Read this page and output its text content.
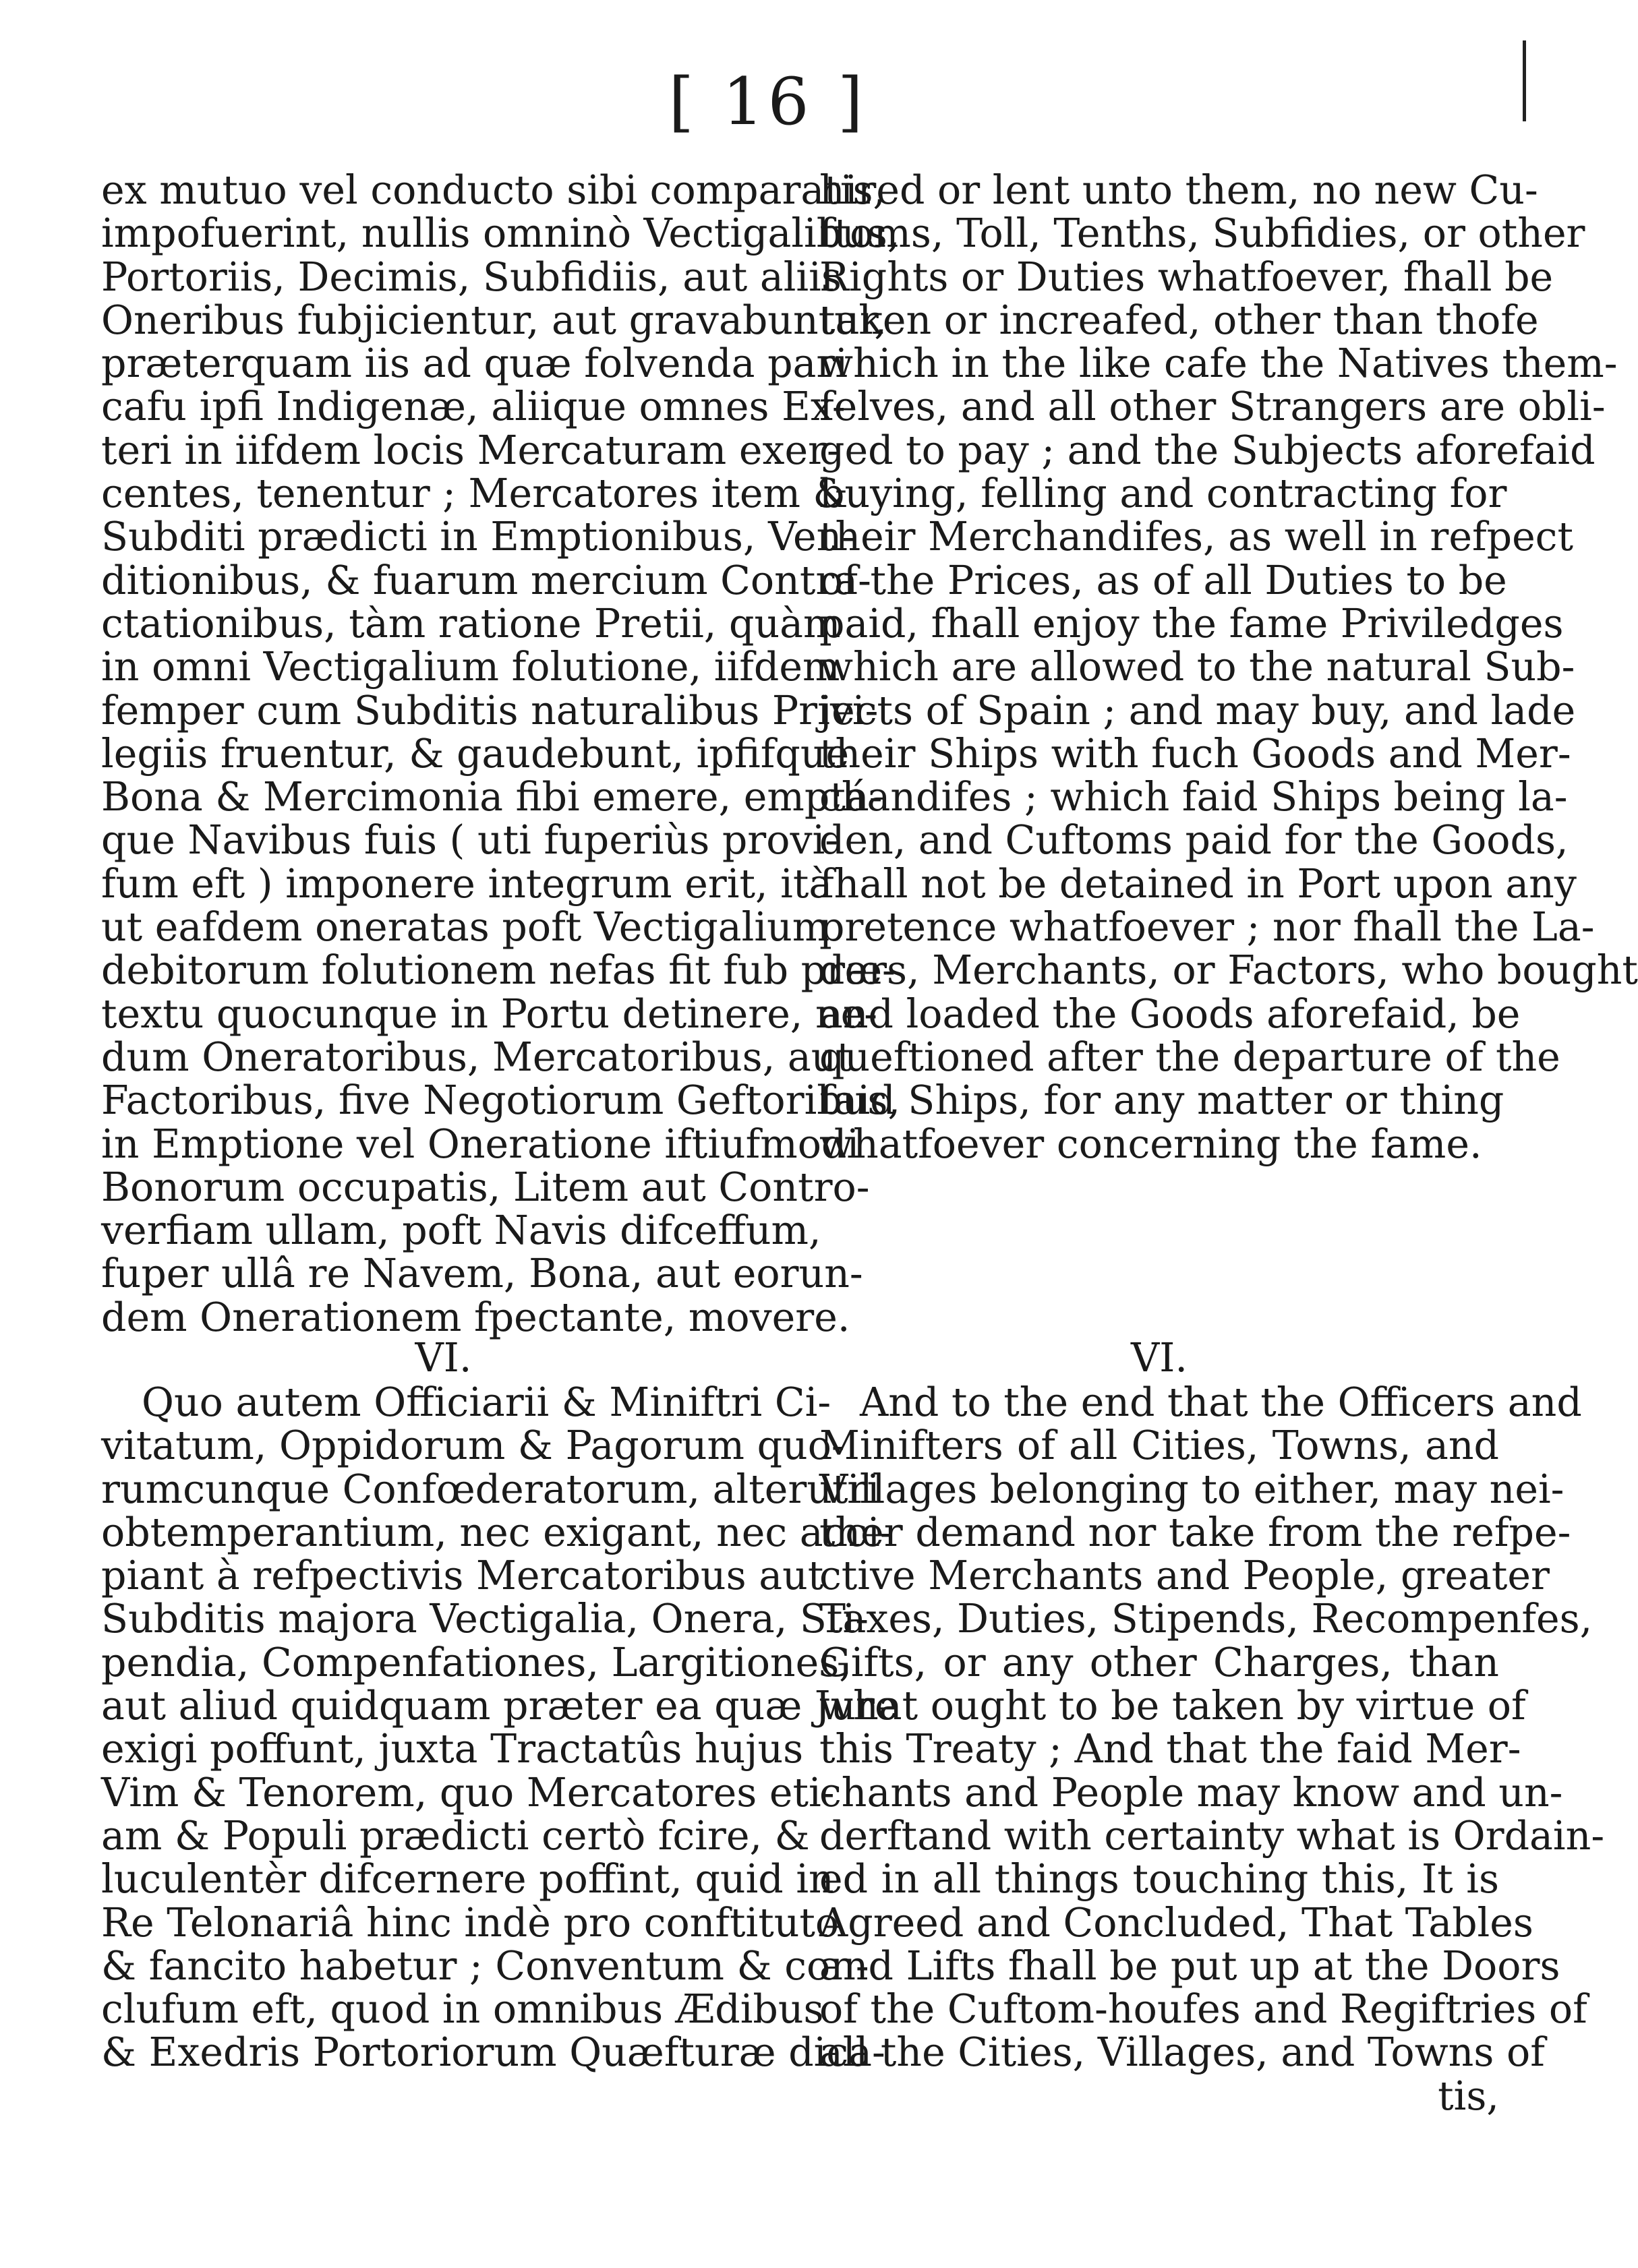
[ 16 ]
ex mutuo vel conducto sibi comparatis,
impofuerint, nullis omninò Vectigalibus,
Portoriis, Decimis, Subfidiis, aut aliis
Oneribus fubjicientur, aut gravabuntur,
præterquam iis ad quæ folvenda pari
cafu ipfi Indigenæ, aliique omnes Ex-
teri in iifdem locis Mercaturam exer-
centes, tenentur ; Mercatores item &
Subditi prædicti in Emptionibus, Ven-
ditionibus, & fuarum mercium Contra-
ctationibus, tàm ratione Pretii, quàm
in omni Vectigalium folutione, iifdem
femper cum Subditis naturalibus Privi-
legiis fruentur, & gaudebunt, ipfifque
Bona & Mercimonia fibi emere, emptá-
que Navibus fuis ( uti fuperiùs provi-
fum eft ) imponere integrum erit, ità
ut eafdem oneratas poft Vectigalium
debitorum folutionem nefas fit fub præ-
textu quocunque in Portu detinere, ne-
dum Oneratoribus, Mercatoribus, aut
Factoribus, five Negotiorum Geftoribus,
in Emptione vel Oneratione iftiufmodi
Bonorum occupatis, Litem aut Contro-
verfiam ullam, poft Navis difceffum,
fuper ullâ re Navem, Bona, aut eorun-
dem Onerationem fpectante, movere.
hired or lent unto them, no new Cu-
ftoms, Toll, Tenths, Subfidies, or other
Rights or Duties whatfoever, fhall be
taken or increafed, other than thofe
which in the like cafe the Natives them-
felves, and all other Strangers are obli-
ged to pay ; and the Subjects aforefaid
buying, felling and contracting for
their Merchandifes, as well in refpect
of the Prices, as of all Duties to be
paid, fhall enjoy the fame Priviledges
which are allowed to the natural Sub-
jects of Spain ; and may buy, and lade
their Ships with fuch Goods and Mer-
chandifes ; which faid Ships being la-
den, and Cuftoms paid for the Goods,
fhall not be detained in Port upon any
pretence whatfoever ; nor fhall the La-
ders, Merchants, or Factors, who bought
and loaded the Goods aforefaid, be
queftioned after the departure of the
faid Ships, for any matter or thing
whatfoever concerning the fame.
VI.	VI.
Quo autem Officiarii & Miniftri Ci-
vitatum, Oppidorum & Pagorum quo-
rumcunque Confœderatorum, alterutri
obtemperantium, nec exigant, nec acci-
piant à refpectivis Mercatoribus aut
Subditis majora Vectigalia, Onera, Sti-
pendia, Compenfationes, Largitiones,
aut aliud quidquam præter ea quæ Jure
exigi poffunt, juxta Tractatûs hujus
Vim & Tenorem, quo Mercatores eti-
am & Populi prædicti certò fcire, &
luculentèr difcernere poffint, quid in
Re Telonariâ hinc indè pro conftituto
& fancito habetur ; Conventum & con-
clufum eft, quod in omnibus Ædibus
& Exedris Portoriorum Quæfturæ dica-
And to the end that the Officers and
Minifters of all Cities, Towns, and
Villages belonging to either, may nei-
ther demand nor take from the refpe-
ctive Merchants and People, greater
Taxes, Duties, Stipends, Recompenfes,
Gifts, or any other Charges, than
what ought to be taken by virtue of
this Treaty ; And that the faid Mer-
chants and People may know and un-
derftand with certainty what is Ordain-
ed in all things touching this, It is
Agreed and Concluded, That Tables
and Lifts fhall be put up at the Doors
of the Cuftom-houfes and Regiftries of
all the Cities, Villages, and Towns of
tis,
